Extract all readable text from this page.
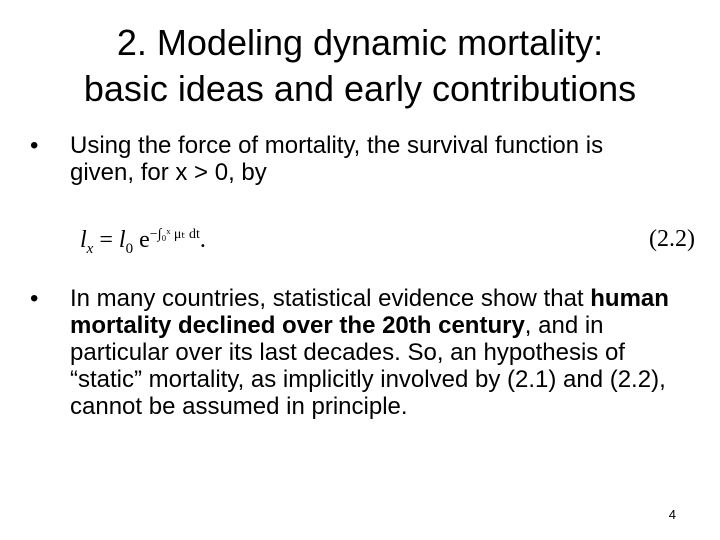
2. Modeling dynamic mortality:
basic ideas and early contributions
• Using the force of mortality, the survival function is given, for x > 0, by
$l_x = l_0$ $e^{-\int_0ˣ \mu_t dt}$.	(2.2)
• In many countries, statistical evidence show that human mortality declined over the 20th century, and in particular over its last decades. So, an hypothesis of “static” mortality, as implicitly involved by (2.1) and (2.2), cannot be assumed in principle.
4
